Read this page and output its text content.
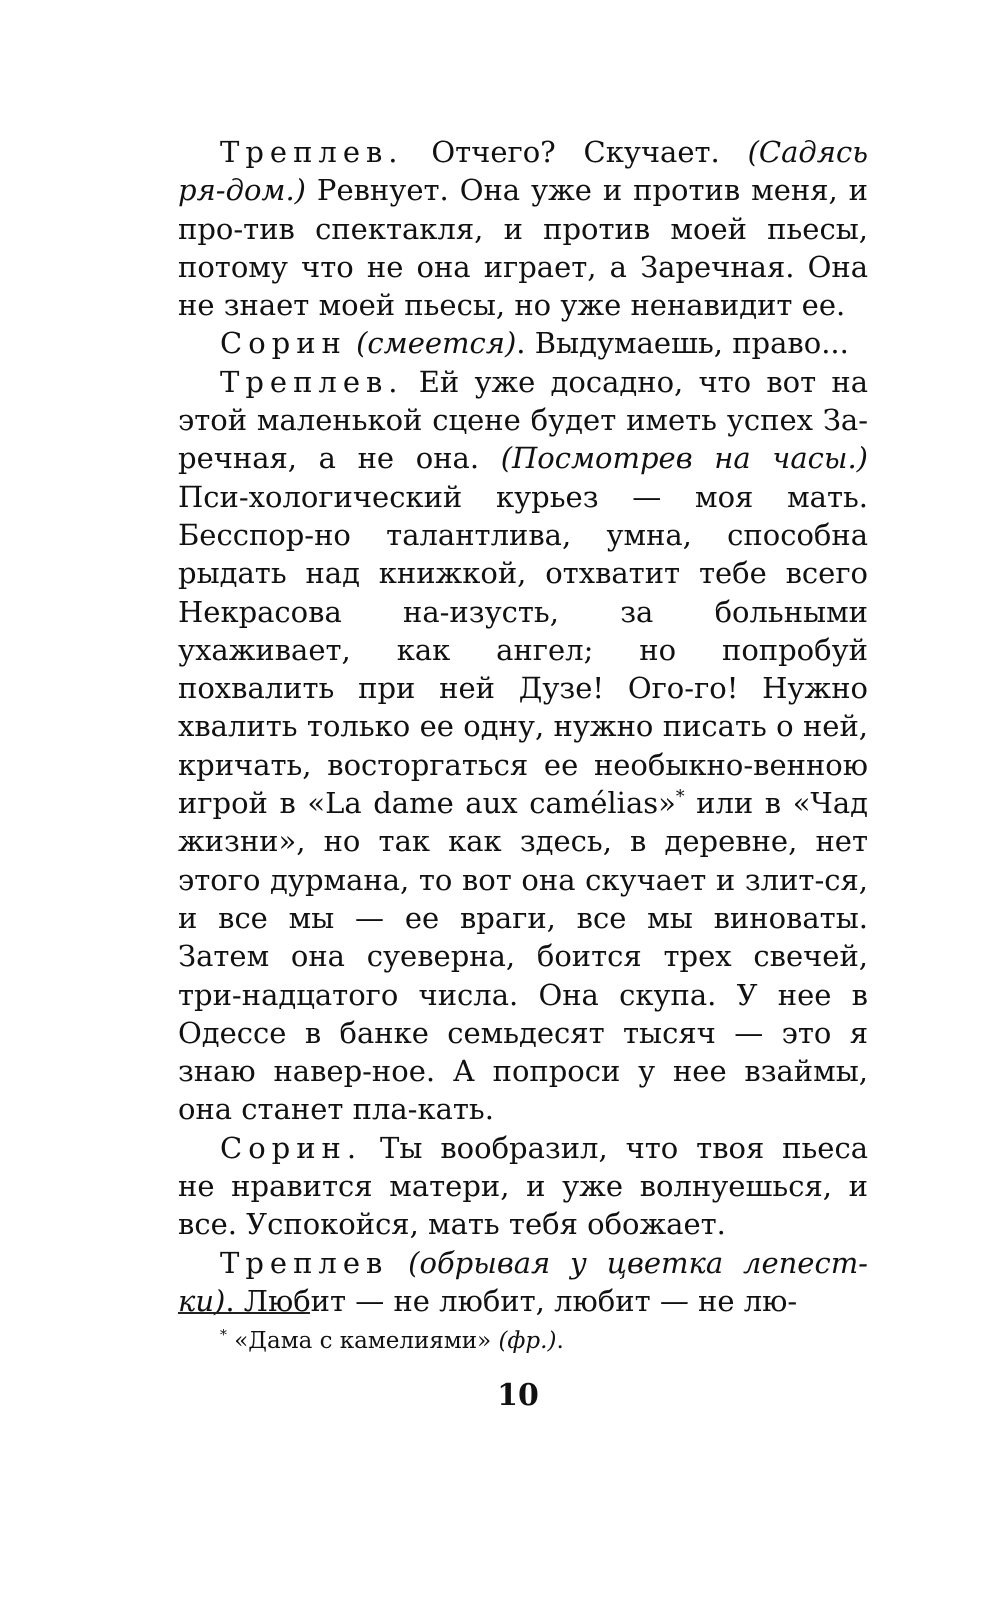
Треплев. Отчего? Скучает. (Садясь ря-дом.) Ревнует. Она уже и против меня, и про-тив спектакля, и против моей пьесы, потому что не она играет, а Заречная. Она не знает моей пьесы, но уже ненавидит ее.

Сорин (смеется). Выдумаешь, право...

Треплев. Ей уже досадно, что вот на этой маленькой сцене будет иметь успех За-речная, а не она. (Посмотрев на часы.) Пси-хологический курьез — моя мать. Бесспор-но талантлива, умна, способна рыдать над книжкой, отхватит тебе всего Некрасова на-изусть, за больными ухаживает, как ангел; но попробуй похвалить при ней Дузе! Ого-го! Нужно хвалить только ее одну, нужно писать о ней, кричать, восторгаться ее необыкно-венною игрой в «La dame aux camélias»* или в «Чад жизни», но так как здесь, в деревне, нет этого дурмана, то вот она скучает и злит-ся, и все мы — ее враги, все мы виноваты. Затем она суеверна, боится трех свечей, три-надцатого числа. Она скупа. У нее в Одессе в банке семьдесят тысяч — это я знаю навер-ное. А попроси у нее взаймы, она станет пла-кать.

Сорин. Ты вообразил, что твоя пьеса не нравится матери, и уже волнуешься, и все. Успокойся, мать тебя обожает.

Треплев (обрывая у цветка лепест-ки). Любит — не любит, любит — не лю-

* «Дама с камелиями» (фр.).
10
